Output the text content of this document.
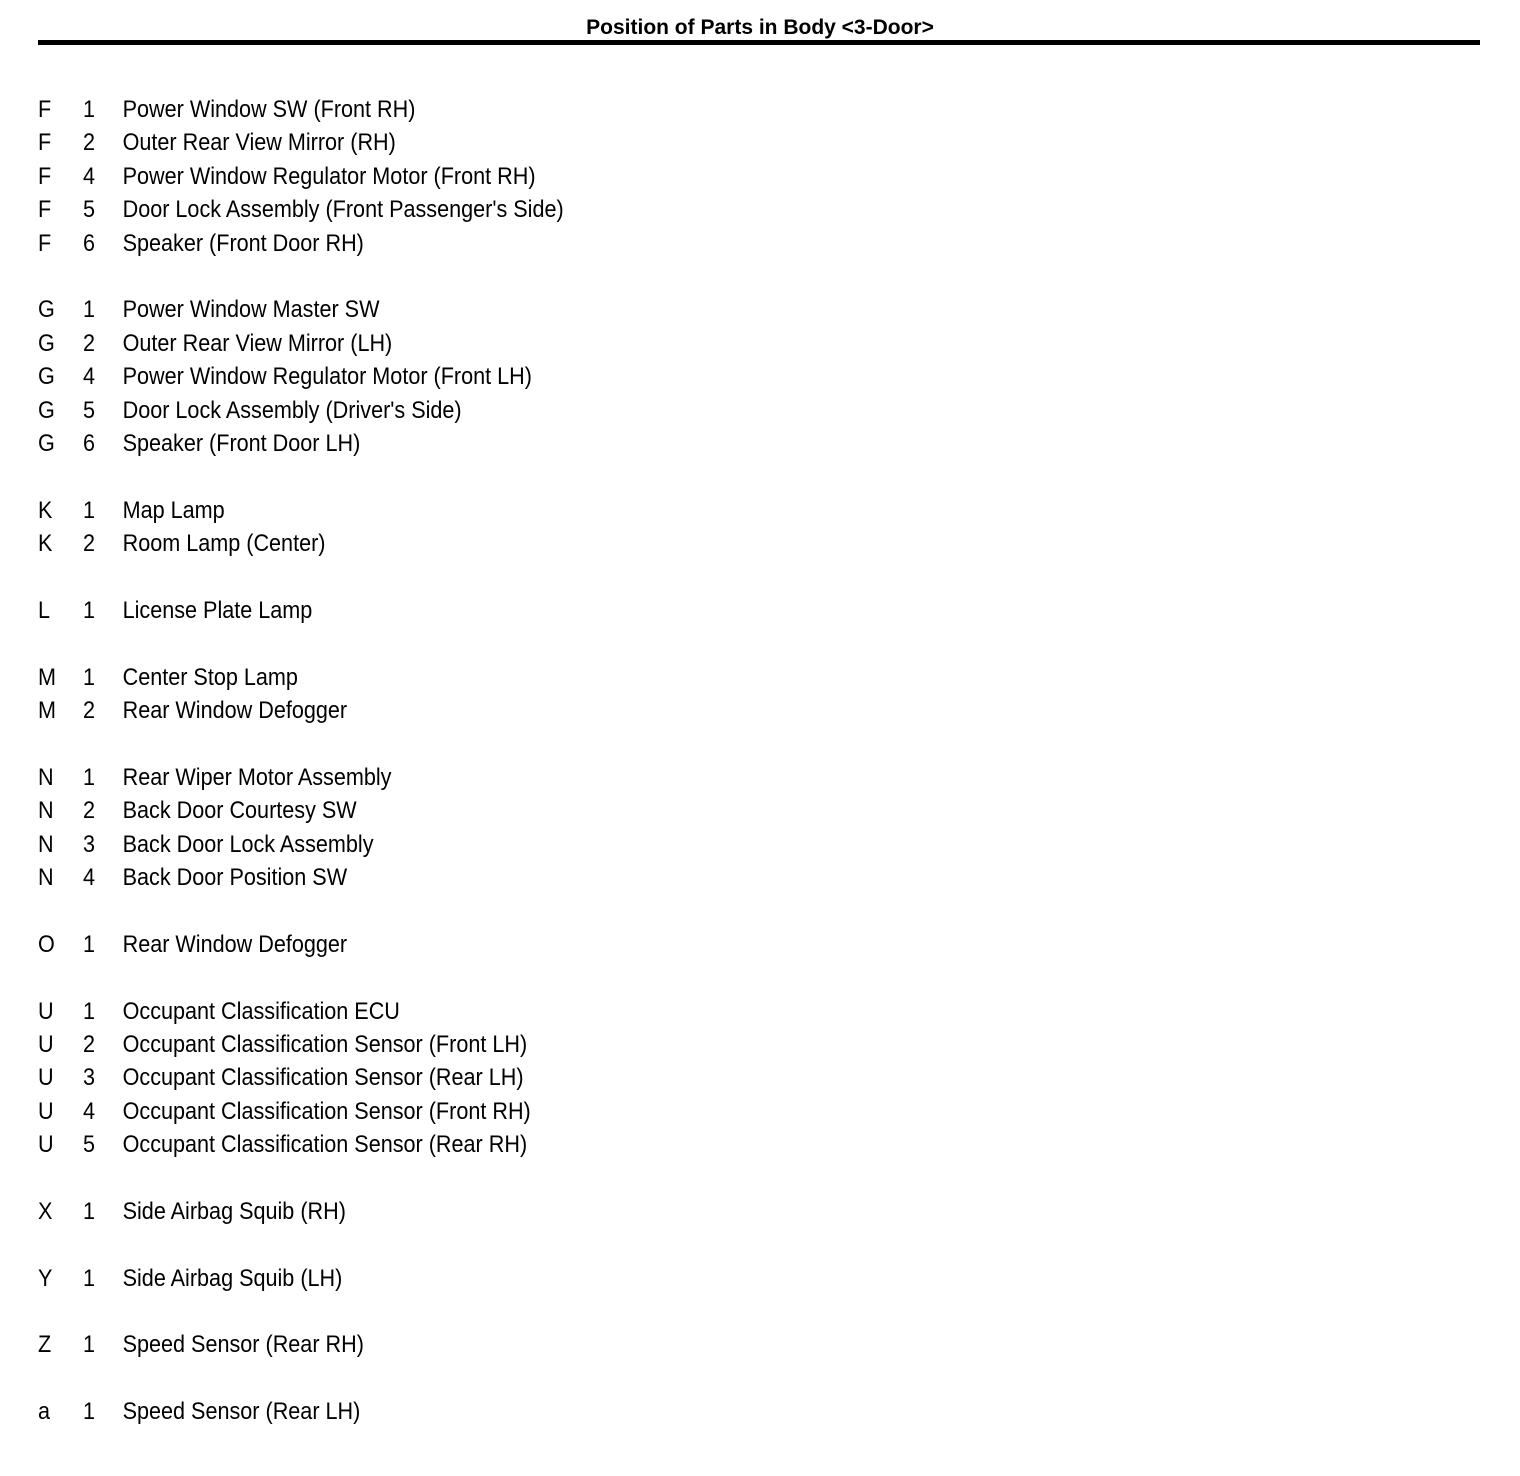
Position of Parts in Body <3-Door>
F 1 Power Window SW (Front RH)
F 2 Outer Rear View Mirror (RH)
F 4 Power Window Regulator Motor (Front RH)
F 5 Door Lock Assembly (Front Passenger's Side)
F 6 Speaker (Front Door RH)
G 1 Power Window Master SW
G 2 Outer Rear View Mirror (LH)
G 4 Power Window Regulator Motor (Front LH)
G 5 Door Lock Assembly (Driver's Side)
G 6 Speaker (Front Door LH)
K 1 Map Lamp
K 2 Room Lamp (Center)
L 1 License Plate Lamp
M 1 Center Stop Lamp
M 2 Rear Window Defogger
N 1 Rear Wiper Motor Assembly
N 2 Back Door Courtesy SW
N 3 Back Door Lock Assembly
N 4 Back Door Position SW
O 1 Rear Window Defogger
U 1 Occupant Classification ECU
U 2 Occupant Classification Sensor (Front LH)
U 3 Occupant Classification Sensor (Rear LH)
U 4 Occupant Classification Sensor (Front RH)
U 5 Occupant Classification Sensor (Rear RH)
X 1 Side Airbag Squib (RH)
Y 1 Side Airbag Squib (LH)
Z 1 Speed Sensor (Rear RH)
a 1 Speed Sensor (Rear LH)
